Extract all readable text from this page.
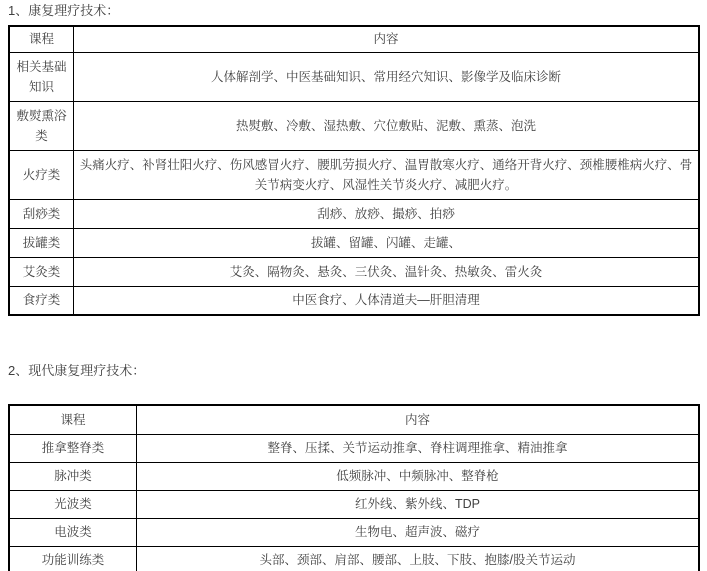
1、康复理疗技术：
课程	内容
相关基础知识	人体解剖学、中医基础知识、常用经穴知识、影像学及临床诊断
敷熨熏浴类	热熨敷、冷敷、湿热敷、穴位敷贴、泥敷、熏蒸、泡洗
火疗类	头痛火疗、补肾壮阳火疗、伤风感冒火疗、腰肌劳损火疗、温胃散寒火疗、通络开背火疗、颈椎腰椎病火疗、骨关节病变火疗、风湿性关节炎火疗、减肥火疗。
刮痧类	刮痧、放痧、撮痧、拍痧
拔罐类	拔罐、留罐、闪罐、走罐、
艾灸类	艾灸、隔物灸、悬灸、三伏灸、温针灸、热敏灸、雷火灸
食疗类	中医食疗、人体清道夫—肝胆清理
2、现代康复理疗技术：
课程	内容
推拿整脊类	整脊、压揉、关节运动推拿、脊柱调理推拿、精油推拿
脉冲类	低频脉冲、中频脉冲、整脊枪
光波类	红外线、紫外线、TDP
电波类	生物电、超声波、磁疗
功能训练类	头部、颈部、肩部、腰部、上肢、下肢、抱膝/股关节运动
